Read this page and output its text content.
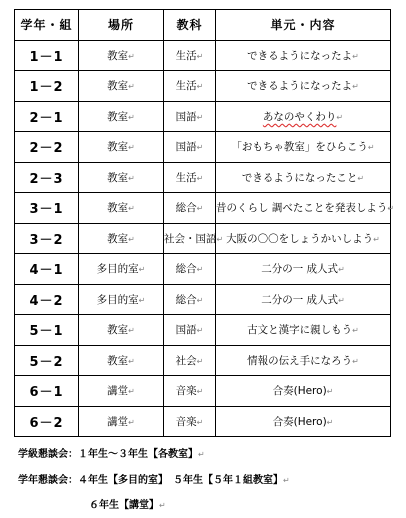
学年・組	場所	教科	単元・内容
1－1	教室↵	生活↵	できるようになったよ↵
1－2	教室↵	生活↵	できるようになったよ↵
2－1	教室↵	国語↵	あなのやくわり↵
2－2	教室↵	国語↵	「おもちゃ教室」をひらこう↵
2－3	教室↵	生活↵	できるようになったこと↵
3－1	教室↵	総合↵	昔のくらし 調べたことを発表しよう↵
3－2	教室↵	社会・国語↵	大阪の〇〇をしょうかいしよう↵
4－1	多目的室↵	総合↵	二分の一 成人式↵
4－2	多目的室↵	総合↵	二分の一 成人式↵
5－1	教室↵	国語↵	古文と漢字に親しもう↵
5－2	教室↵	社会↵	情報の伝え手になろう↵
6－1	講堂↵	音楽↵	合奏(Hero)↵
6－2	講堂↵	音楽↵	合奏(Hero)↵
学級懇談会：１年生～３年生【各教室】↵
学年懇談会：４年生【多目的室】　５年生【５年１組教室】↵
６年生【講堂】↵
